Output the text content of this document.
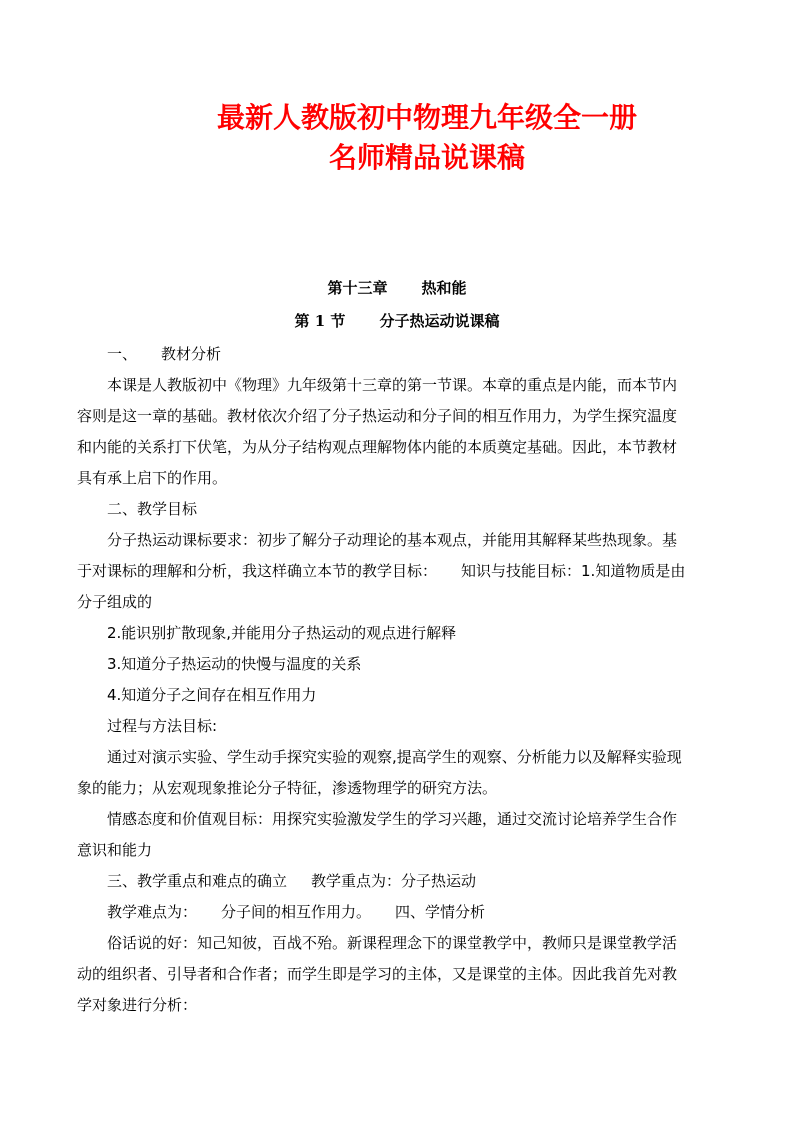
最新人教版初中物理九年级全一册
名师精品说课稿
第十三章 热和能
第 1 节 分子热运动说课稿
一、 教材分析
本课是人教版初中《物理》九年级第十三章的第一节课。本章的重点是内能，而本节内
容则是这一章的基础。教材依次介绍了分子热运动和分子间的相互作用力，为学生探究温度
和内能的关系打下伏笔，为从分子结构观点理解物体内能的本质奠定基础。因此，本节教材
具有承上启下的作用。
二、教学目标
分子热运动课标要求：初步了解分子动理论的基本观点，并能用其解释某些热现象。基
于对课标的理解和分析，我这样确立本节的教学目标： 知识与技能目标：1.知道物质是由
分子组成的
2.能识别扩散现象,并能用分子热运动的观点进行解释
3.知道分子热运动的快慢与温度的关系
4.知道分子之间存在相互作用力
过程与方法目标:
通过对演示实验、学生动手探究实验的观察,提高学生的观察、分析能力以及解释实验现
象的能力；从宏观现象推论分子特征，渗透物理学的研究方法。
情感态度和价值观目标：用探究实验激发学生的学习兴趣，通过交流讨论培养学生合作
意识和能力
三、教学重点和难点的确立 教学重点为：分子热运动
教学难点为： 分子间的相互作用力。 四、学情分析
俗话说的好：知己知彼，百战不殆。新课程理念下的课堂教学中，教师只是课堂教学活
动的组织者、引导者和合作者；而学生即是学习的主体，又是课堂的主体。因此我首先对教
学对象进行分析：
